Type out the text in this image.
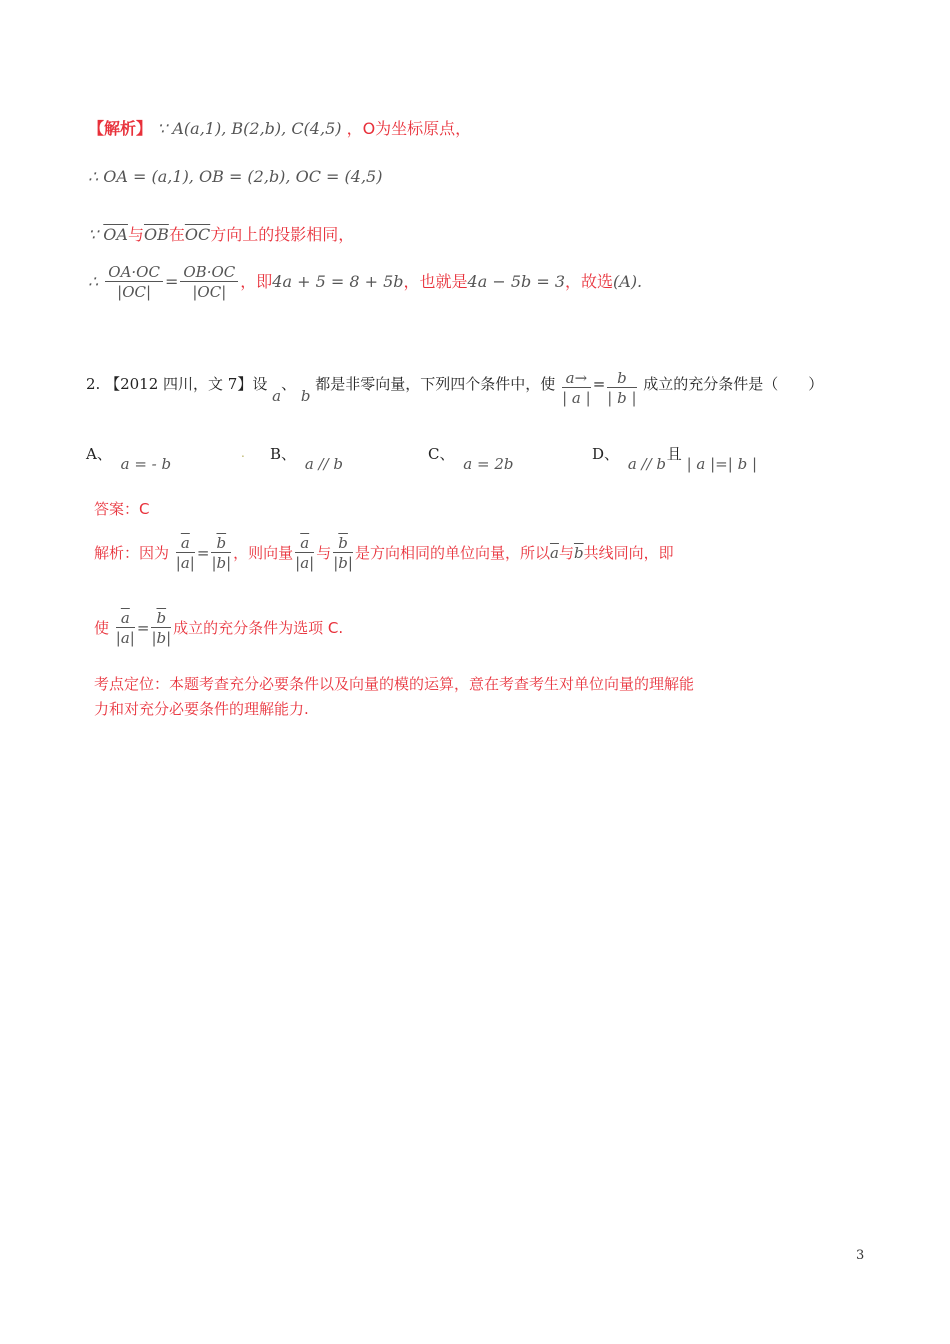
【解析】 ∵ A(a,1), B(2,b), C(4,5) ，O为坐标原点，
∴ OA = (a,1), OB = (2,b), OC = (4,5)
∵ $\overline{OA}$与$\overline{OB}$在$\overline{OC}$方向上的投影相同，
∴ $\frac{OA\cdot OC}{|OC|} = \frac{OB\cdot OC}{|OC|}$ ，即4a + 5 = 8 + 5b，也就是4a − 5b = 3，故选(A).
2. 【2012 四川，文 7】设 a、 b 都是非零向量，下列四个条件中，使 $\frac{a\to}{| a |} = \frac{b}{| b |}$ 成立的充分条件是（　　）
A、 a = - b
. B、 a // b
C、 a = 2b
D、 a // b 且 | a |=| b |
答案：C
解析：因为 $\frac{\overline{a}}{|a|} = \frac{\overline{b}}{|b|}$ ，则向量 $\frac{\overline{a}}{|a|}$ 与 $\frac{\overline{b}}{|b|}$ 是方向相同的单位向量，所以$\overline{a}$与$\overline{b}$共线同向，即
使 $\frac{\overline{a}}{|a|} = \frac{\overline{b}}{|b|}$ 成立的充分条件为选项 C.
考点定位：本题考查充分必要条件以及向量的模的运算，意在考查考生对单位向量的理解能
力和对充分必要条件的理解能力.
3
